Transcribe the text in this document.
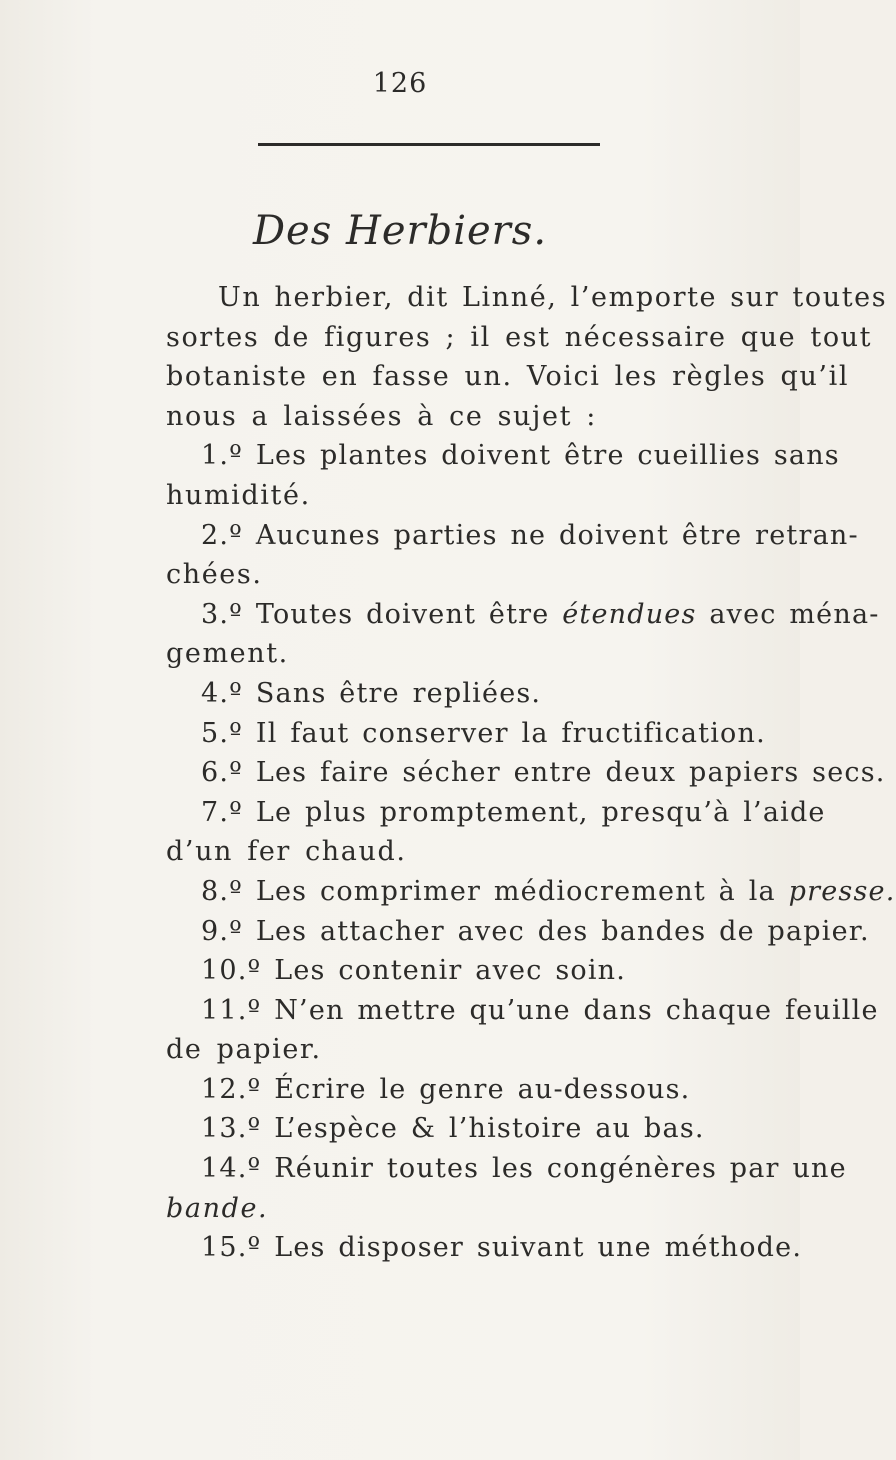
126
Des Herbiers.
Un herbier, dit Linné, l’emporte sur toutes
sortes de figures ; il est nécessaire que tout
botaniste en fasse un. Voici les règles qu’il
nous a laissées à ce sujet :
1.º Les plantes doivent être cueillies sans
humidité.
2.º Aucunes parties ne doivent être retran-
chées.
3.º Toutes doivent être étendues avec ména-
gement.
4.º Sans être repliées.
5.º Il faut conserver la fructification.
6.º Les faire sécher entre deux papiers secs.
7.º Le plus promptement, presqu’à l’aide
d’un fer chaud.
8.º Les comprimer médiocrement à la presse.
9.º Les attacher avec des bandes de papier.
10.º Les contenir avec soin.
11.º N’en mettre qu’une dans chaque feuille
de papier.
12.º Écrire le genre au-dessous.
13.º L’espèce & l’histoire au bas.
14.º Réunir toutes les congénères par une
bande.
15.º Les disposer suivant une méthode.
